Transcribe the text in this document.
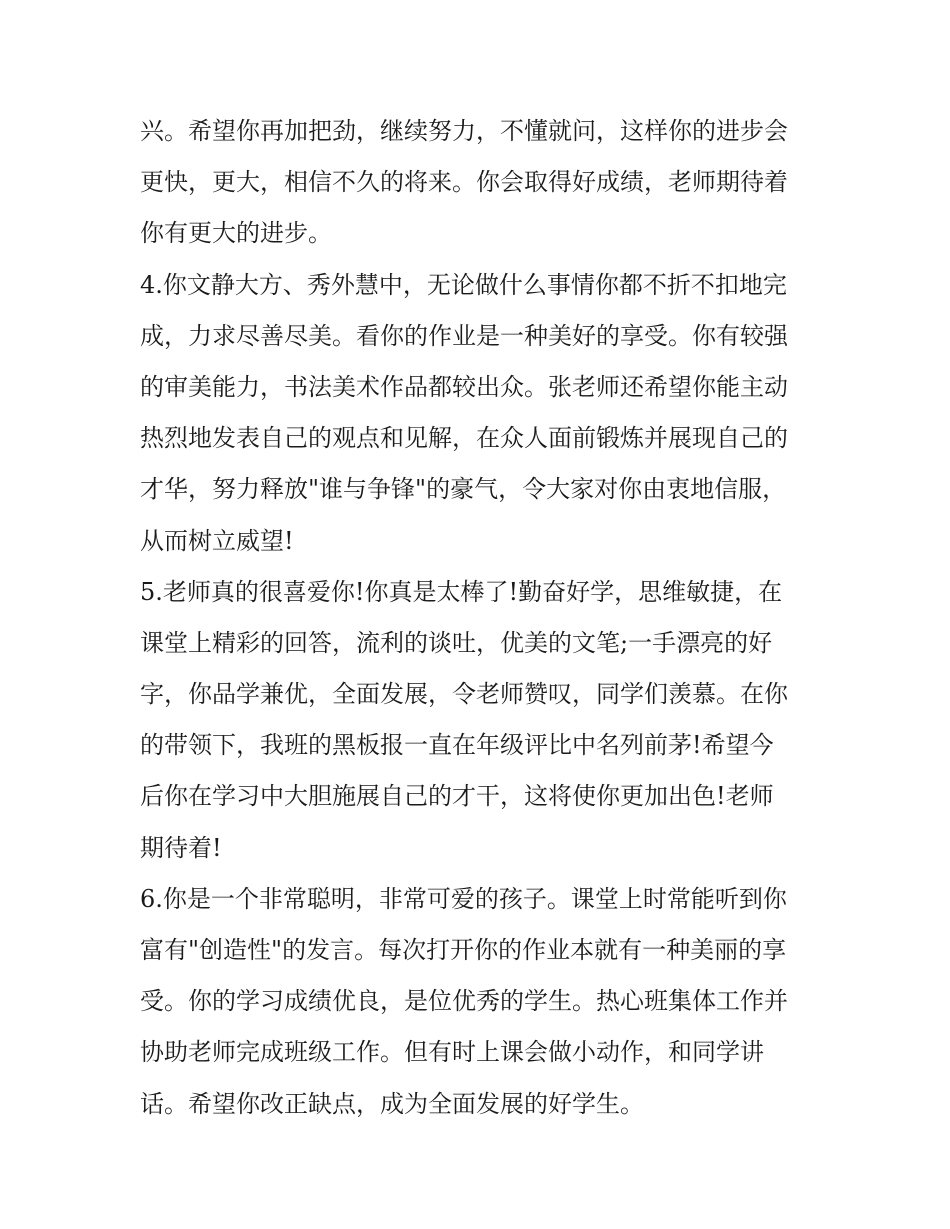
兴。希望你再加把劲，继续努力，不懂就问，这样你的进步会
更快，更大，相信不久的将来。你会取得好成绩，老师期待着
你有更大的进步。
4.你文静大方、秀外慧中，无论做什么事情你都不折不扣地完
成，力求尽善尽美。看你的作业是一种美好的享受。你有较强
的审美能力，书法美术作品都较出众。张老师还希望你能主动
热烈地发表自己的观点和见解，在众人面前锻炼并展现自己的
才华，努力释放"谁与争锋"的豪气，令大家对你由衷地信服，
从而树立威望!
5.老师真的很喜爱你!你真是太棒了!勤奋好学，思维敏捷，在
课堂上精彩的回答，流利的谈吐，优美的文笔;一手漂亮的好
字，你品学兼优，全面发展，令老师赞叹，同学们羡慕。在你
的带领下，我班的黑板报一直在年级评比中名列前茅!希望今
后你在学习中大胆施展自己的才干，这将使你更加出色!老师
期待着!
6.你是一个非常聪明，非常可爱的孩子。课堂上时常能听到你
富有"创造性"的发言。每次打开你的作业本就有一种美丽的享
受。你的学习成绩优良，是位优秀的学生。热心班集体工作并
协助老师完成班级工作。但有时上课会做小动作，和同学讲
话。希望你改正缺点，成为全面发展的好学生。
